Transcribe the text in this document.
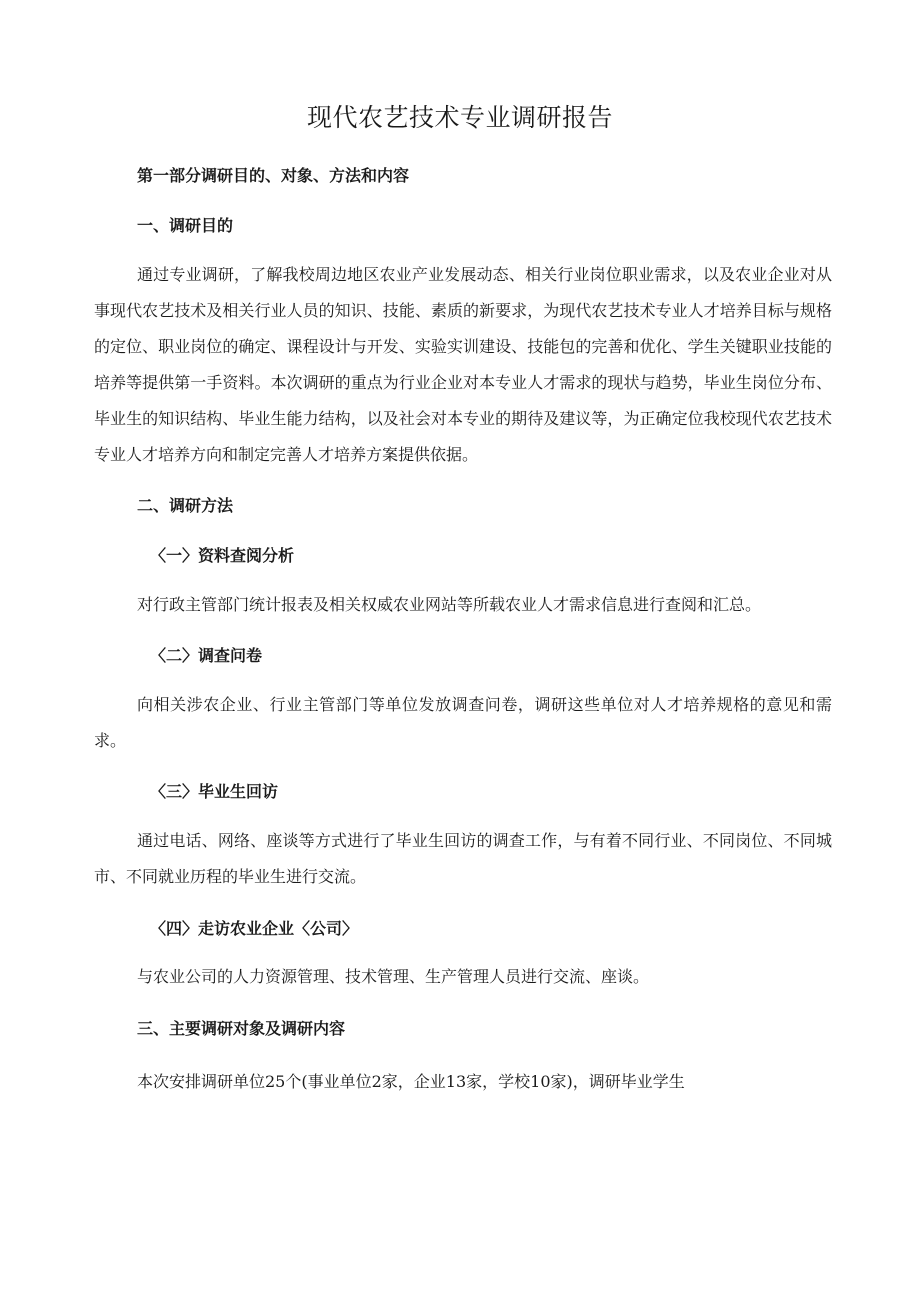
现代农艺技术专业调研报告
第一部分调研目的、对象、方法和内容
一、调研目的

通过专业调研，了解我校周边地区农业产业发展动态、相关行业岗位职业需求，以及农业企业对从事现代农艺技术及相关行业人员的知识、技能、素质的新要求，为现代农艺技术专业人才培养目标与规格的定位、职业岗位的确定、课程设计与开发、实验实训建设、技能包的完善和优化、学生关键职业技能的培养等提供第一手资料。本次调研的重点为行业企业对本专业人才需求的现状与趋势，毕业生岗位分布、毕业生的知识结构、毕业生能力结构，以及社会对本专业的期待及建议等，为正确定位我校现代农艺技术专业人才培养方向和制定完善人才培养方案提供依据。

二、调研方法
〈一〉资料查阅分析

对行政主管部门统计报表及相关权威农业网站等所载农业人才需求信息进行查阅和汇总。

〈二〉调查问卷

向相关涉农企业、行业主管部门等单位发放调查问卷，调研这些单位对人才培养规格的意见和需求。

〈三〉毕业生回访

通过电话、网络、座谈等方式进行了毕业生回访的调查工作，与有着不同行业、不同岗位、不同城市、不同就业历程的毕业生进行交流。

〈四〉走访农业企业〈公司〉

与农业公司的人力资源管理、技术管理、生产管理人员进行交流、座谈。

三、主要调研对象及调研内容

本次安排调研单位25个(事业单位2家，企业13家，学校10家)，调研毕业学生
